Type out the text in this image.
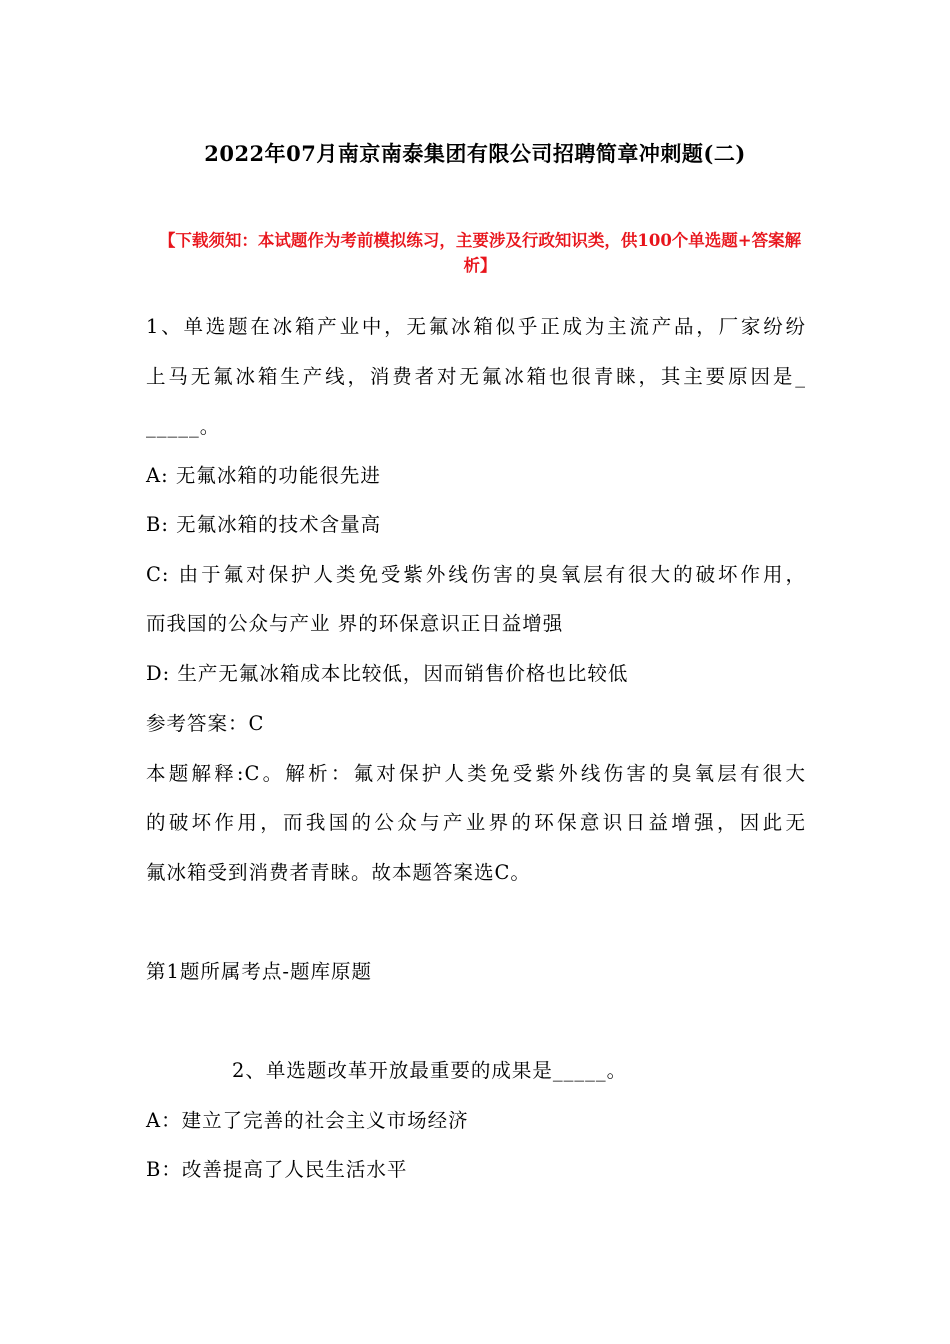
2022年07月南京南泰集团有限公司招聘简章冲刺题(二)
【下载须知：本试题作为考前模拟练习，主要涉及行政知识类，供100个单选题+答案解析】
1、单选题在冰箱产业中，无氟冰箱似乎正成为主流产品，厂家纷纷
上马无氟冰箱生产线，消费者对无氟冰箱也很青睐，其主要原因是_
_____。
A: 无氟冰箱的功能很先进
B: 无氟冰箱的技术含量高
C: 由于氟对保护人类免受紫外线伤害的臭氧层有很大的破坏作用，
而我国的公众与产业 界的环保意识正日益增强
D: 生产无氟冰箱成本比较低，因而销售价格也比较低
参考答案：C
本题解释:C。解析：氟对保护人类免受紫外线伤害的臭氧层有很大
的破坏作用，而我国的公众与产业界的环保意识日益增强，因此无
氟冰箱受到消费者青睐。故本题答案选C。
第1题所属考点-题库原题
2、单选题改革开放最重要的成果是_____。
A：建立了完善的社会主义市场经济
B：改善提高了人民生活水平
